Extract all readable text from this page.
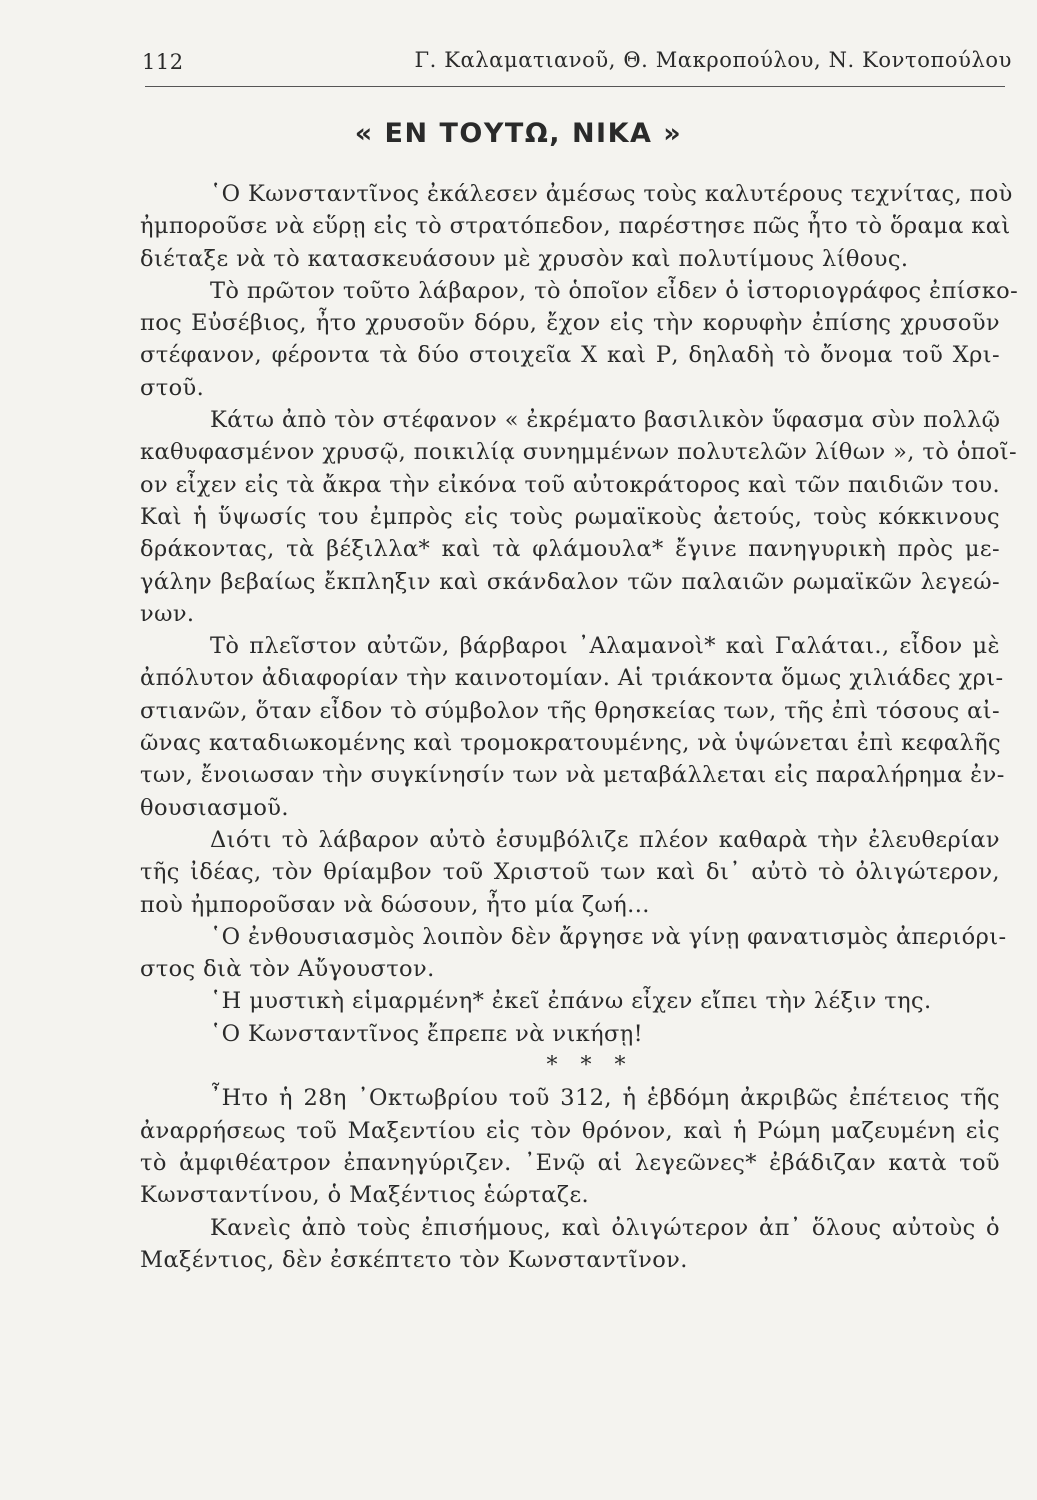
112	Γ. Καλαματιανοῦ, Θ. Μακροπούλου, Ν. Κοντοπούλου
« ΕΝ ΤΟΥΤΩ, ΝΙΚΑ »
῾Ο Κωνσταντῖνος ἐκάλεσεν ἀμέσως τοὺς καλυτέρους τεχνίτας, ποὺ
ἠμποροῦσε νὰ εὕρῃ εἰς τὸ στρατόπεδον, παρέστησε πῶς ἦτο τὸ ὅραμα καὶ
διέταξε νὰ τὸ κατασκευάσουν μὲ χρυσὸν καὶ πολυτίμους λίθους.
Τὸ πρῶτον τοῦτο λάβαρον, τὸ ὁποῖον εἶδεν ὁ ἱστοριογράφος ἐπίσκο-
πος Εὐσέβιος, ἦτο χρυσοῦν δόρυ, ἔχον εἰς τὴν κορυφὴν ἐπίσης χρυσοῦν
στέφανον, φέροντα τὰ δύο στοιχεῖα Χ καὶ Ρ, δηλαδὴ τὸ ὄνομα τοῦ Χρι-
στοῦ.
Κάτω ἀπὸ τὸν στέφανον « ἐκρέματο βασιλικὸν ὕφασμα σὺν πολλῷ
καθυφασμένον χρυσῷ, ποικιλίᾳ συνημμένων πολυτελῶν λίθων », τὸ ὁποῖ-
ον εἶχεν εἰς τὰ ἄκρα τὴν εἰκόνα τοῦ αὐτοκράτορος καὶ τῶν παιδιῶν του.
Καὶ ἡ ὕψωσίς του ἐμπρὸς εἰς τοὺς ρωμαϊκοὺς ἀετούς, τοὺς κόκκινους
δράκοντας, τὰ βέξιλλα* καὶ τὰ φλάμουλα* ἔγινε πανηγυρικὴ πρὸς με-
γάλην βεβαίως ἔκπληξιν καὶ σκάνδαλον τῶν παλαιῶν ρωμαϊκῶν λεγεώ-
νων.
Τὸ πλεῖστον αὐτῶν, βάρβαροι ᾿Αλαμανοὶ* καὶ Γαλάται., εἶδον μὲ
ἀπόλυτον ἀδιαφορίαν τὴν καινοτομίαν. Αἱ τριάκοντα ὅμως χιλιάδες χρι-
στιανῶν, ὅταν εἶδον τὸ σύμβολον τῆς θρησκείας των, τῆς ἐπὶ τόσους αἰ-
ῶνας καταδιωκομένης καὶ τρομοκρατουμένης, νὰ ὑψώνεται ἐπὶ κεφαλῆς
των, ἔνοιωσαν τὴν συγκίνησίν των νὰ μεταβάλλεται εἰς παραλήρημα ἐν-
θουσιασμοῦ.
Διότι τὸ λάβαρον αὐτὸ ἐσυμβόλιζε πλέον καθαρὰ τὴν ἐλευθερίαν
τῆς ἰδέας, τὸν θρίαμβον τοῦ Χριστοῦ των καὶ δι᾿ αὐτὸ τὸ ὀλιγώτερον,
ποὺ ἠμποροῦσαν νὰ δώσουν, ἦτο μία ζωή...
῾Ο ἐνθουσιασμὸς λοιπὸν δὲν ἄργησε νὰ γίνῃ φανατισμὸς ἀπεριόρι-
στος διὰ τὸν Αὔγουστον.
῾Η μυστικὴ εἱμαρμένη* ἐκεῖ ἐπάνω εἶχεν εἴπει τὴν λέξιν της.
῾Ο Κωνσταντῖνος ἔπρεπε νὰ νικήσῃ!
* * *
῏Ητο ἡ 28η ᾿Οκτωβρίου τοῦ 312, ἡ ἑβδόμη ἀκριβῶς ἐπέτειος τῆς
ἀναρρήσεως τοῦ Μαξεντίου εἰς τὸν θρόνον, καὶ ἡ Ρώμη μαζευμένη εἰς
τὸ ἀμφιθέατρον ἐπανηγύριζεν. ᾿Ενῷ αἱ λεγεῶνες* ἐβάδιζαν κατὰ τοῦ
Κωνσταντίνου, ὁ Μαξέντιος ἑώρταζε.
Κανεὶς ἀπὸ τοὺς ἐπισήμους, καὶ ὀλιγώτερον ἀπ᾿ ὅλους αὐτοὺς ὁ
Μαξέντιος, δὲν ἐσκέπτετο τὸν Κωνσταντῖνον.
